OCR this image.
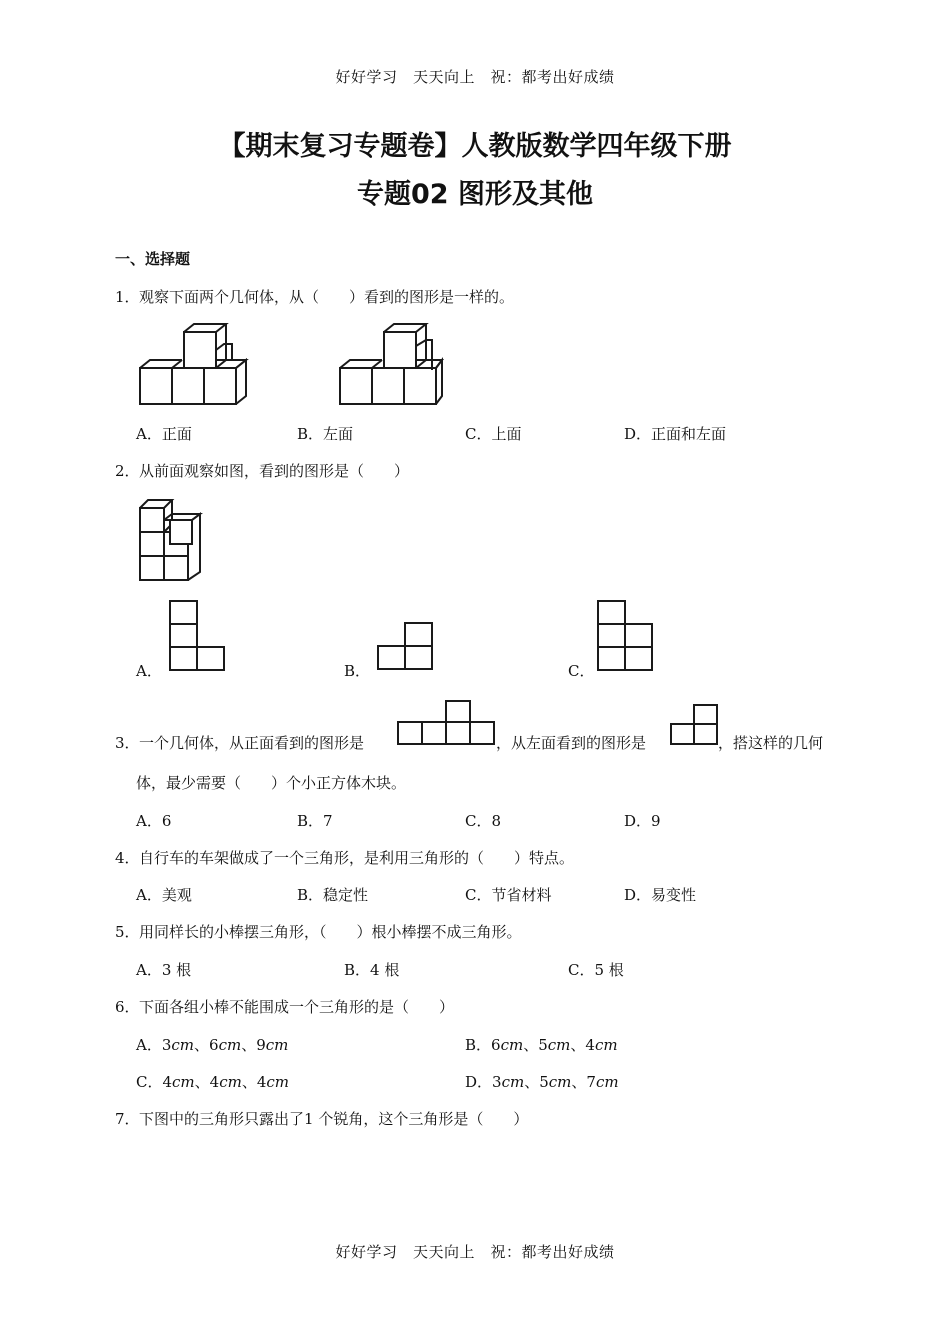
好好学习　天天向上　祝：都考出好成绩
【期末复习专题卷】人教版数学四年级下册
专题02 图形及其他
一、选择题
1．观察下面两个几何体，从（　　）看到的图形是一样的。
A．正面	B．左面	C．上面	D．正面和左面
2．从前面观察如图，看到的图形是（　　）
A．	B．	C．
3．一个几何体，从正面看到的图形是	，从左面看到的图形是	，搭这样的几何
体，最少需要（　　）个小正方体木块。
A．6	B．7	C．8	D．9
4．自行车的车架做成了一个三角形，是利用三角形的（　　）特点。
A．美观	B．稳定性	C．节省材料	D．易变性
5．用同样长的小棒摆三角形，（　　）根小棒摆不成三角形。
A．3 根	B．4 根	C．5 根
6．下面各组小棒不能围成一个三角形的是（　　）
A．3cm、6cm、9cm	B．6cm、5cm、4cm
C．4cm、4cm、4cm	D．3cm、5cm、7cm
7．下图中的三角形只露出了1 个锐角，这个三角形是（　　）
好好学习　天天向上　祝：都考出好成绩
